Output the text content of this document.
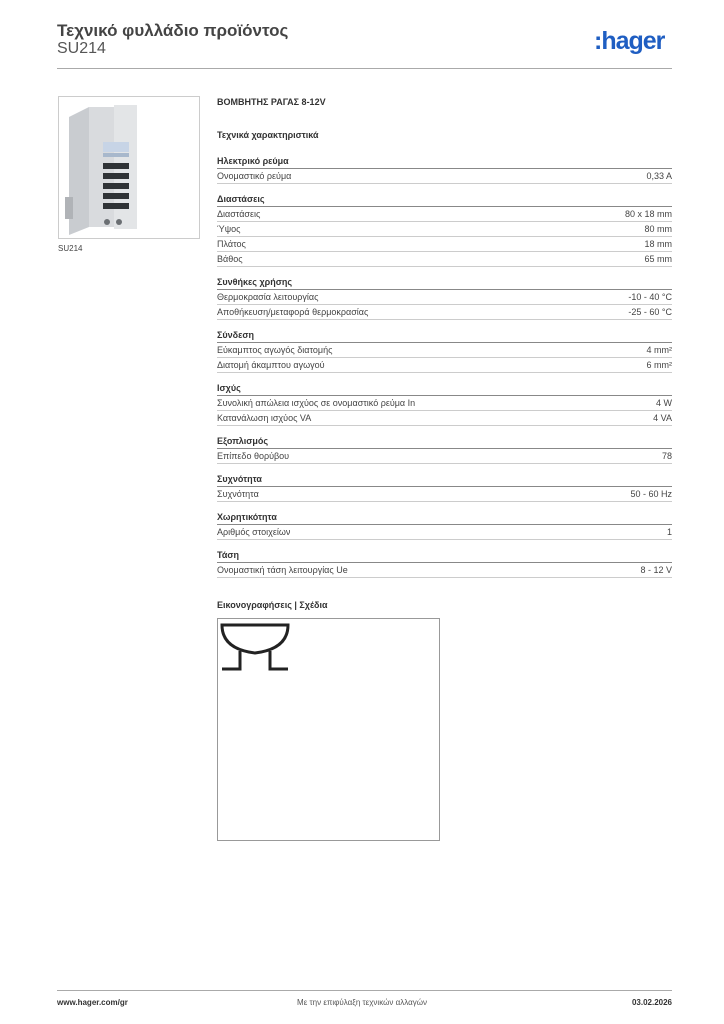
Τεχνικό φυλλάδιο προϊόντος
SU214	:hager
SU214
ΒΟΜΒΗΤΗΣ ΡΑΓΑΣ 8-12V
Τεχνικά χαρακτηριστικά
Ηλεκτρικό ρεύμα
Ονομαστικό ρεύμα	0,33 A
Διαστάσεις
Διαστάσεις	80 x 18 mm
Ύψος	80 mm
Πλάτος	18 mm
Βάθος	65 mm
Συνθήκες χρήσης
Θερμοκρασία λειτουργίας	-10 - 40 °C
Αποθήκευση/μεταφορά θερμοκρασίας	-25 - 60 °C
Σύνδεση
Εύκαμπτος αγωγός διατομής	4 mm²
Διατομή άκαμπτου αγωγού	6 mm²
Ισχύς
Συνολική απώλεια ισχύος σε ονομαστικό ρεύμα In	4 W
Κατανάλωση ισχύος VA	4 VA
Εξοπλισμός
Επίπεδο θορύβου	78
Συχνότητα
Συχνότητα	50 - 60 Hz
Χωρητικότητα
Αριθμός στοιχείων	1
Τάση
Ονομαστική τάση λειτουργίας Ue	8 - 12 V
Εικονογραφήσεις | Σχέδια
www.hager.com/gr	Με την επιφύλαξη τεχνικών αλλαγών	03.02.2026
